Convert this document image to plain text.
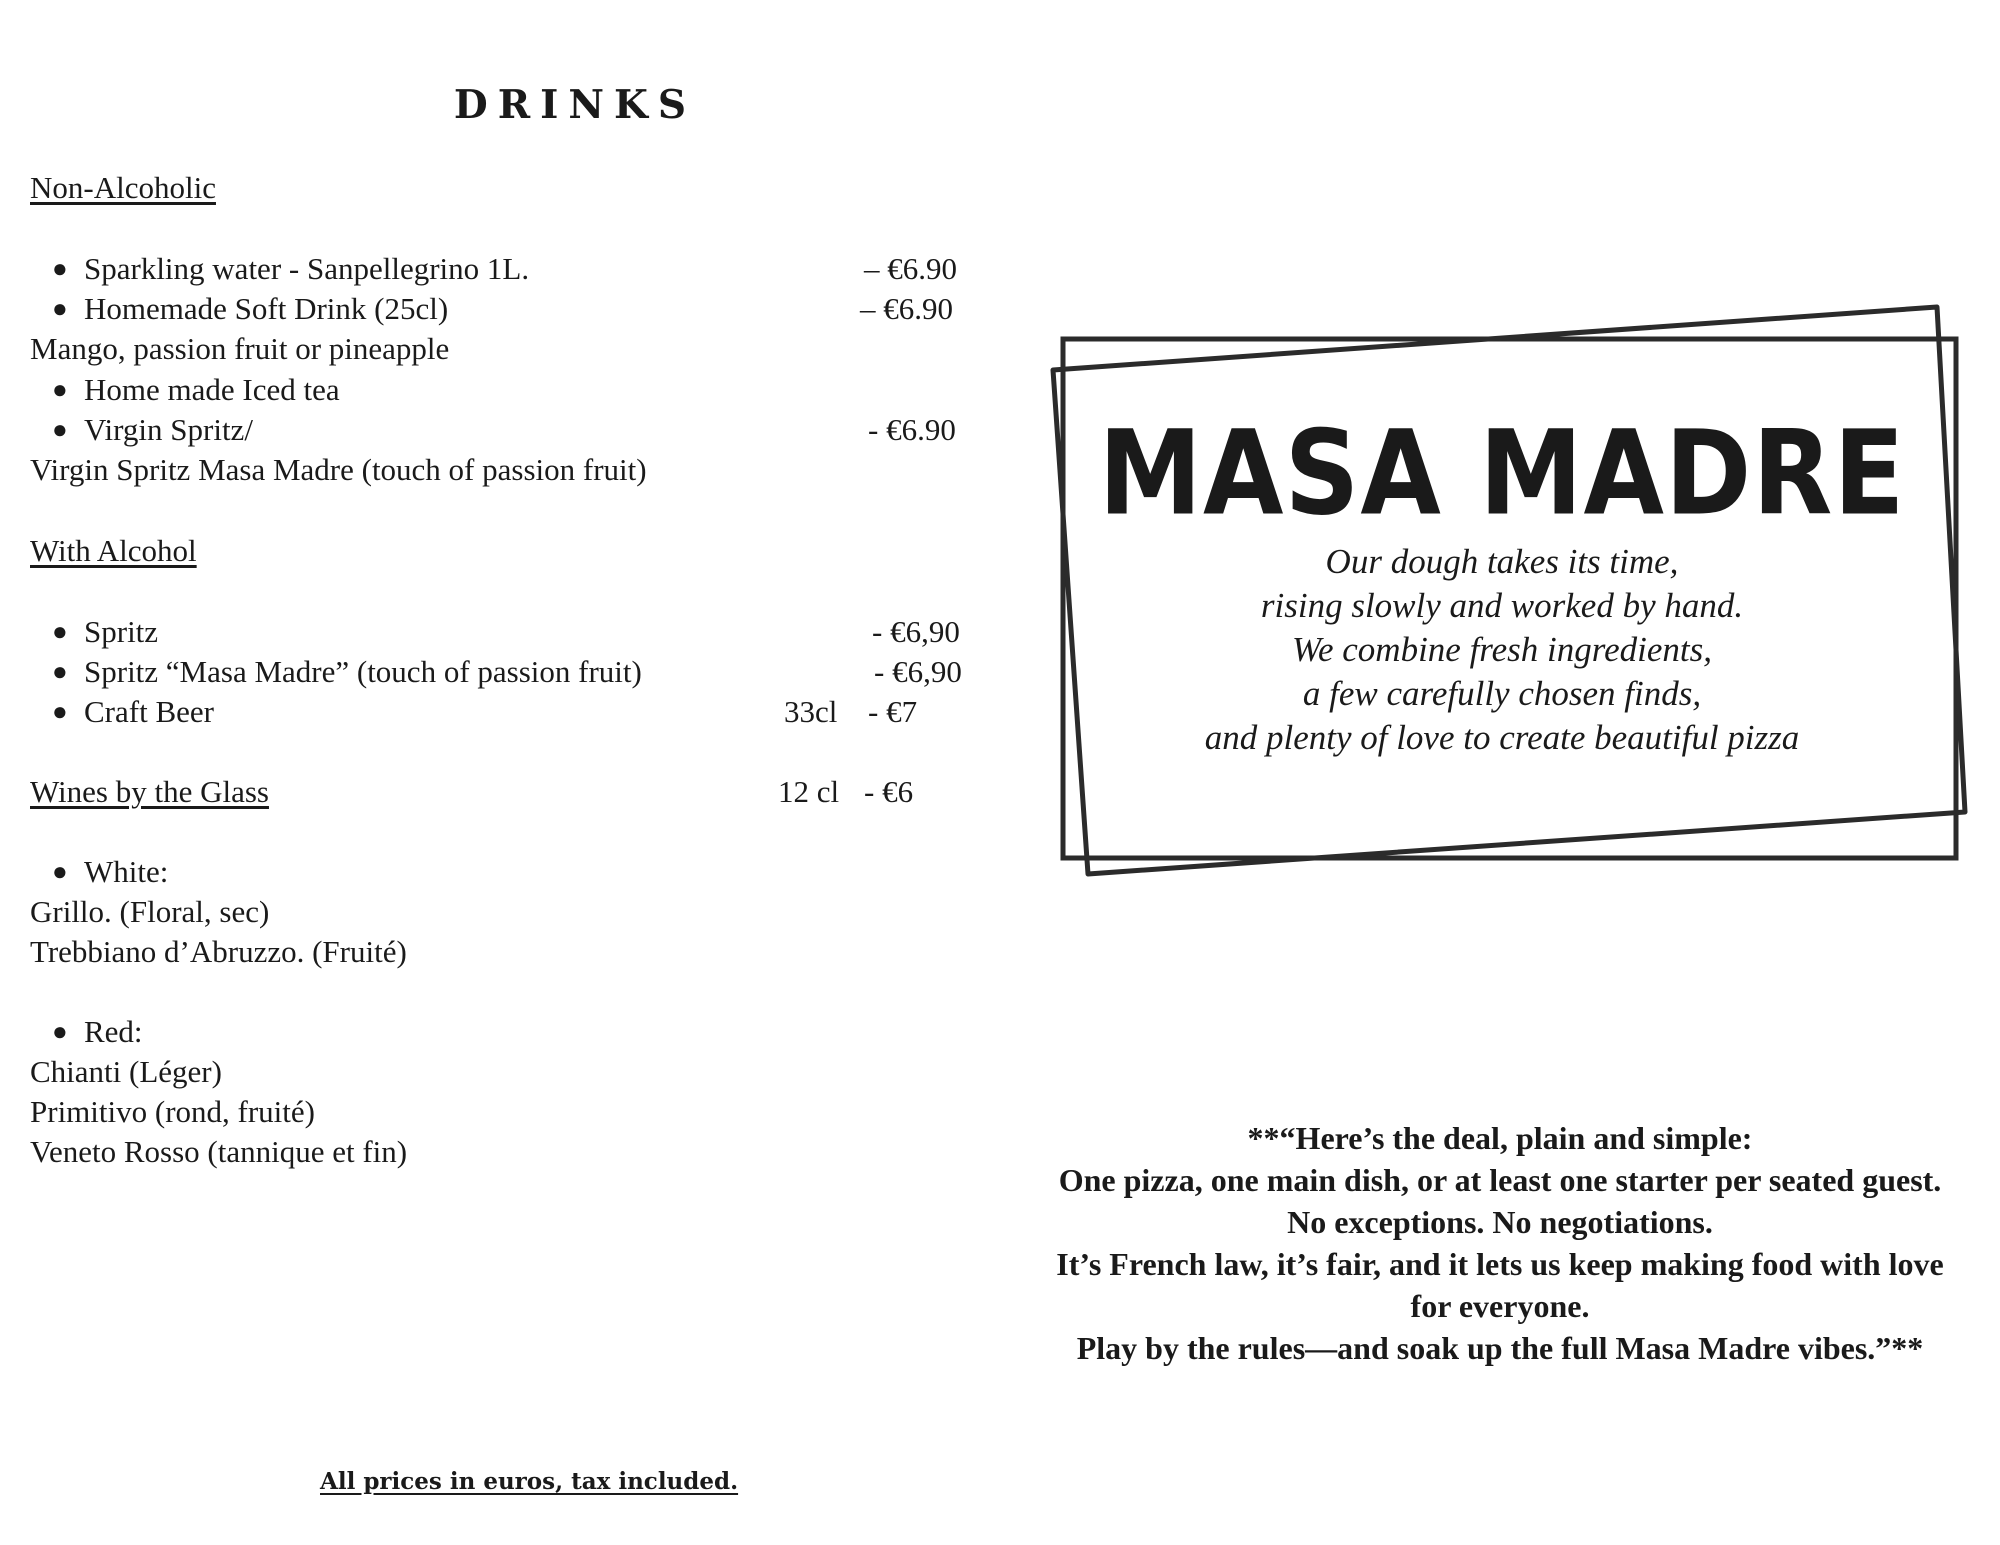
DRINKS
Non-Alcoholic
● Sparkling water - Sanpellegrino 1L.	– €6.90
● Homemade Soft Drink (25cl)	– €6.90
Mango, passion fruit or pineapple
● Home made Iced tea
● Virgin Spritz/	- €6.90
Virgin Spritz Masa Madre (touch of passion fruit)
With Alcohol
● Spritz	- €6,90
● Spritz “Masa Madre” (touch of passion fruit)	- €6,90
● Craft Beer	33cl - €7
Wines by the Glass	12 cl - €6
● White:
Grillo. (Floral, sec)
Trebbiano d’Abruzzo. (Fruité)
● Red:
Chianti (Léger)
Primitivo (rond, fruité)
Veneto Rosso (tannique et fin)
All prices in euros, tax included.
MASA MADRE
Our dough takes its time,
rising slowly and worked by hand.
We combine fresh ingredients,
a few carefully chosen finds,
and plenty of love to create beautiful pizza
**“Here’s the deal, plain and simple:
One pizza, one main dish, or at least one starter per seated guest.
No exceptions. No negotiations.
It’s French law, it’s fair, and it lets us keep making food with love for everyone.
Play by the rules—and soak up the full Masa Madre vibes.”**
